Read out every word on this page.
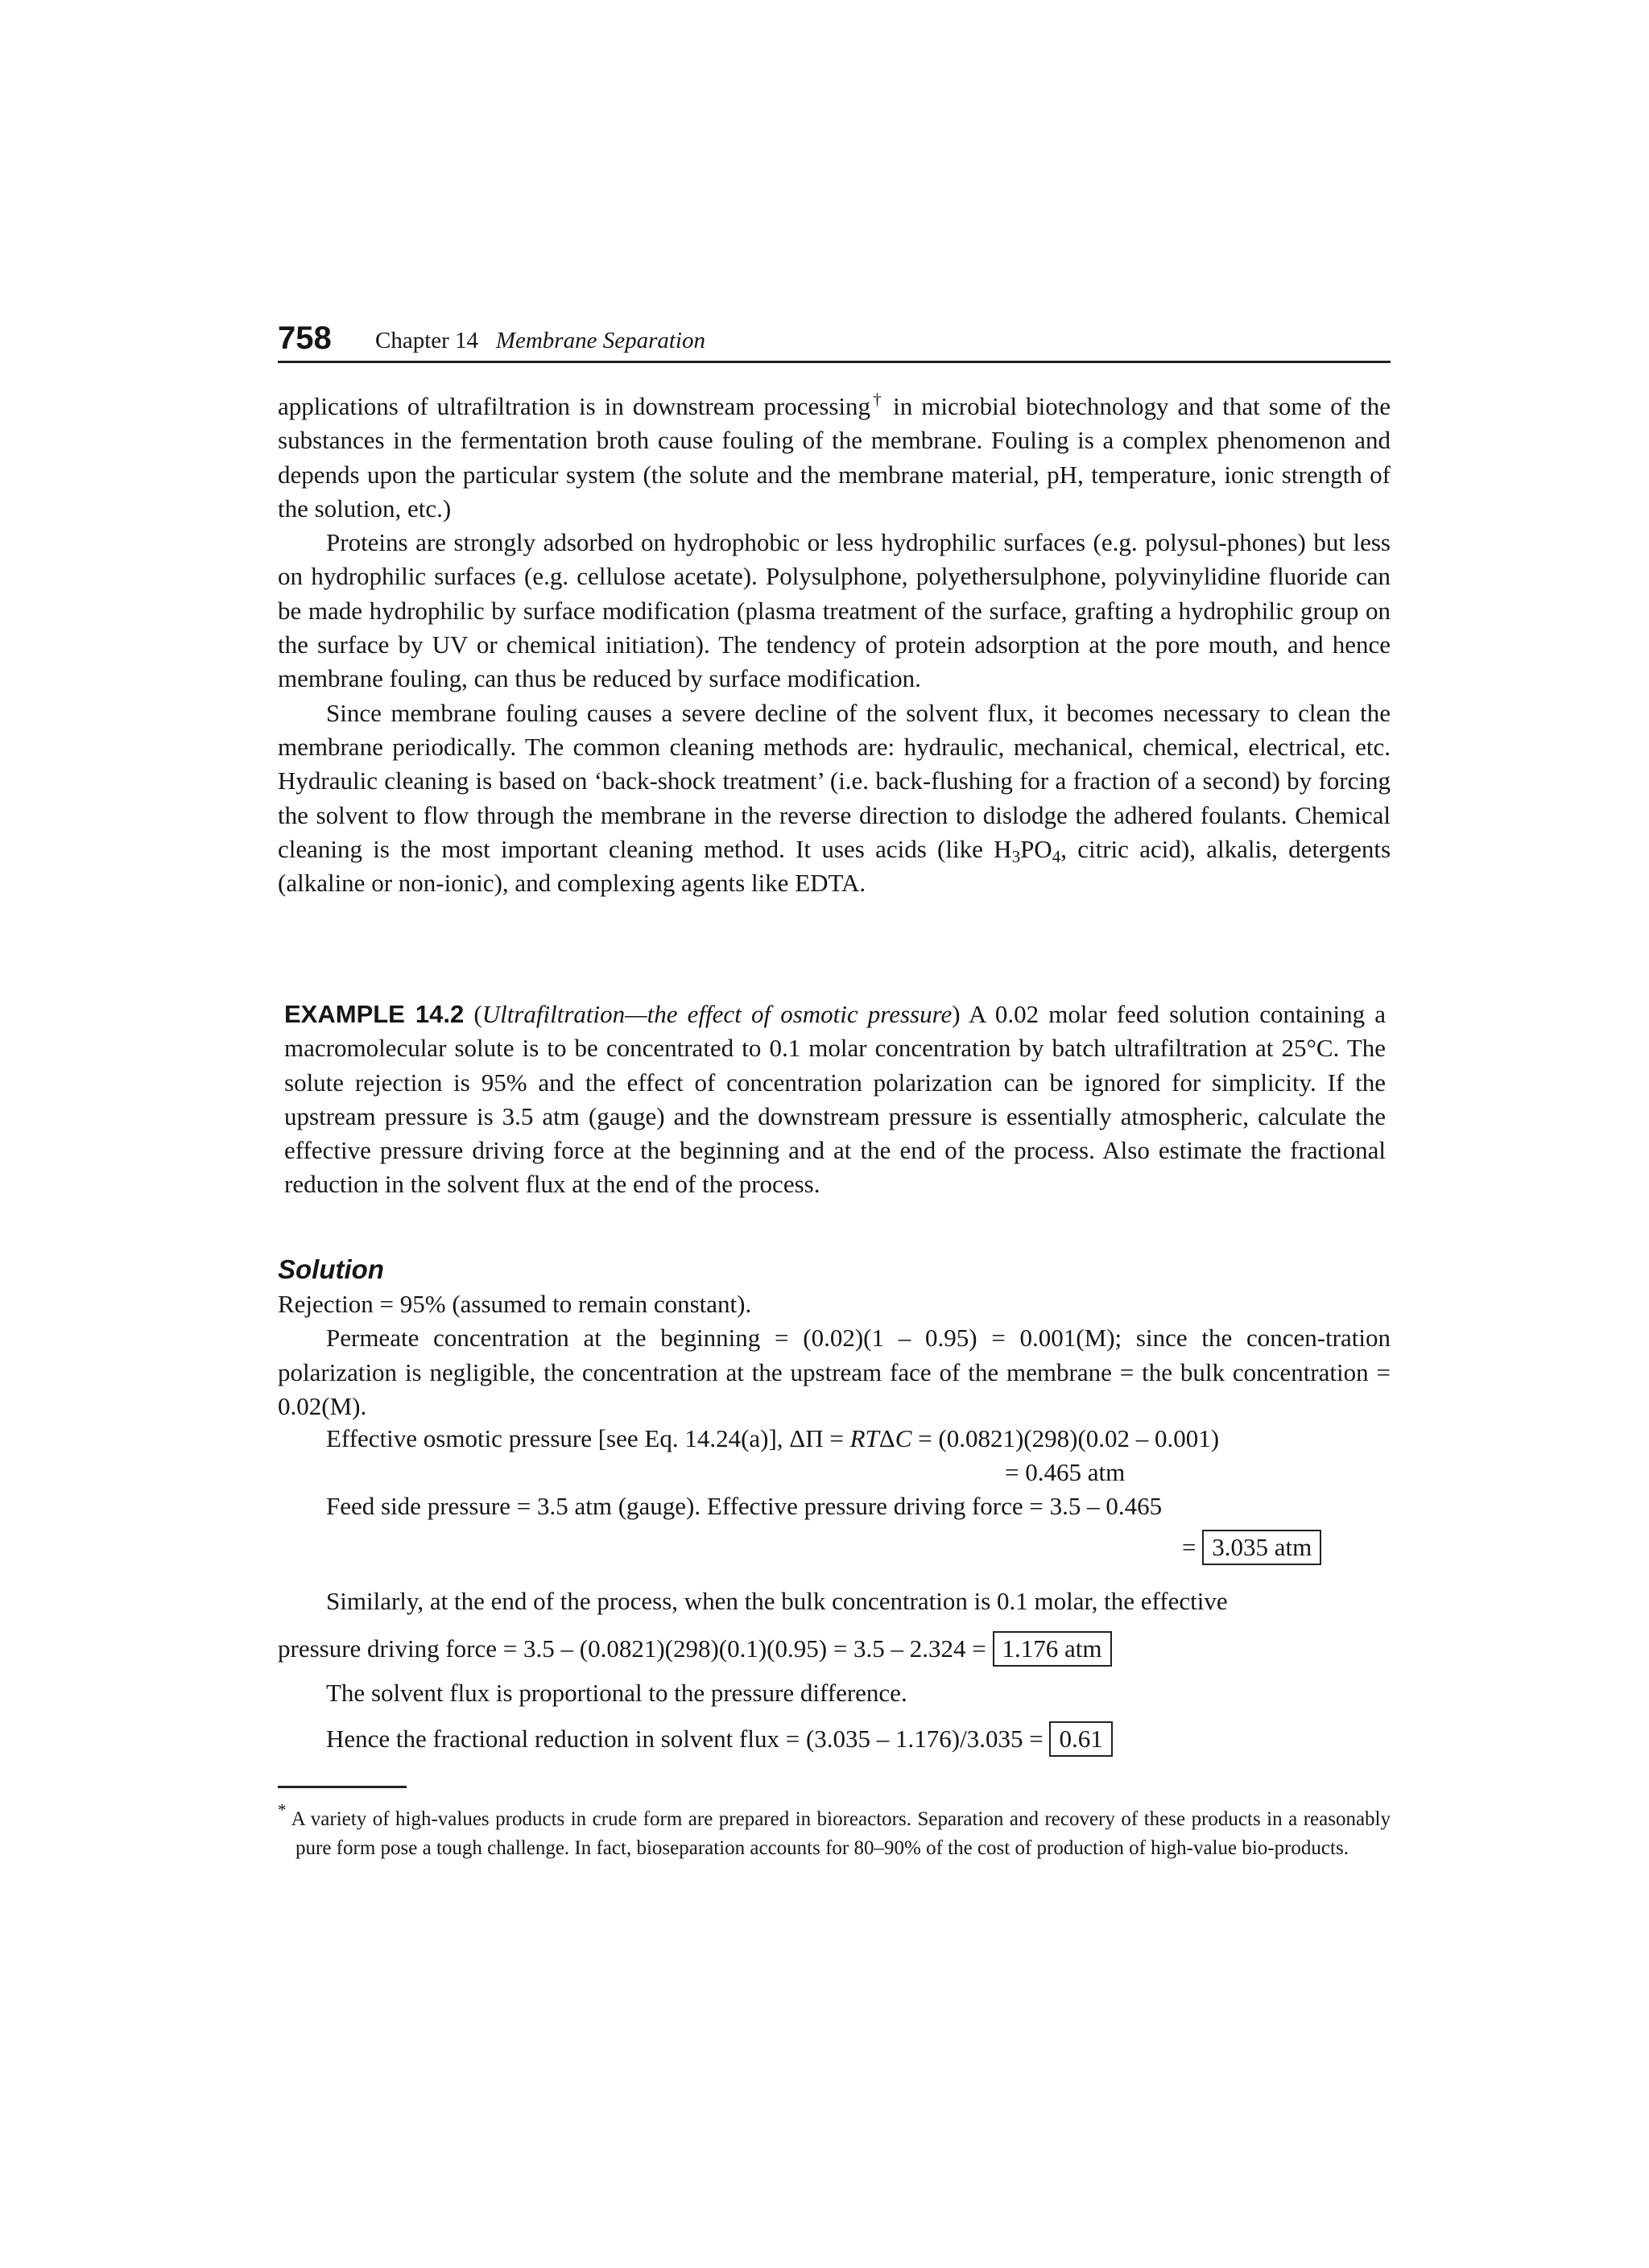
758 Chapter 14 Membrane Separation

applications of ultrafiltration is in downstream processing† in microbial biotechnology and that some of the substances in the fermentation broth cause fouling of the membrane. Fouling is a complex phenomenon and depends upon the particular system (the solute and the membrane material, pH, temperature, ionic strength of the solution, etc.)

Proteins are strongly adsorbed on hydrophobic or less hydrophilic surfaces (e.g. polysul-phones) but less on hydrophilic surfaces (e.g. cellulose acetate). Polysulphone, polyethersulphone, polyvinylidine fluoride can be made hydrophilic by surface modification (plasma treatment of the surface, grafting a hydrophilic group on the surface by UV or chemical initiation). The tendency of protein adsorption at the pore mouth, and hence membrane fouling, can thus be reduced by surface modification.

Since membrane fouling causes a severe decline of the solvent flux, it becomes necessary to clean the membrane periodically. The common cleaning methods are: hydraulic, mechanical, chemical, electrical, etc. Hydraulic cleaning is based on ‘back-shock treatment’ (i.e. back-flushing for a fraction of a second) by forcing the solvent to flow through the membrane in the reverse direction to dislodge the adhered foulants. Chemical cleaning is the most important cleaning method. It uses acids (like $H_3PO_4$, citric acid), alkalis, detergents (alkaline or non-ionic), and complexing agents like EDTA.

EXAMPLE 14.2 (Ultrafiltration—the effect of osmotic pressure) A 0.02 molar feed solution containing a macromolecular solute is to be concentrated to 0.1 molar concentration by batch ultrafiltration at 25°C. The solute rejection is 95% and the effect of concentration polarization can be ignored for simplicity. If the upstream pressure is 3.5 atm (gauge) and the downstream pressure is essentially atmospheric, calculate the effective pressure driving force at the beginning and at the end of the process. Also estimate the fractional reduction in the solvent flux at the end of the process.

Solution

Rejection = 95% (assumed to remain constant).

Permeate concentration at the beginning = (0.02)(1 – 0.95) = 0.001(M); since the concen-tration polarization is negligible, the concentration at the upstream face of the membrane = the bulk concentration = 0.02(M).

Effective osmotic pressure [see Eq. 14.24(a)], ΔΠ = RTΔC = (0.0821)(298)(0.02 – 0.001)
= 0.465 atm
Feed side pressure = 3.5 atm (gauge). Effective pressure driving force = 3.5 – 0.465
= 3.035 atm
Similarly, at the end of the process, when the bulk concentration is 0.1 molar, the effective
pressure driving force = 3.5 – (0.0821)(298)(0.1)(0.95) = 3.5 – 2.324 = 1.176 atm
The solvent flux is proportional to the pressure difference.
Hence the fractional reduction in solvent flux = (3.035 – 1.176)/3.035 = 0.61

* A variety of high-values products in crude form are prepared in bioreactors. Separation and recovery of these products in a reasonably pure form pose a tough challenge. In fact, bioseparation accounts for 80–90% of the cost of production of high-value bio-products.
